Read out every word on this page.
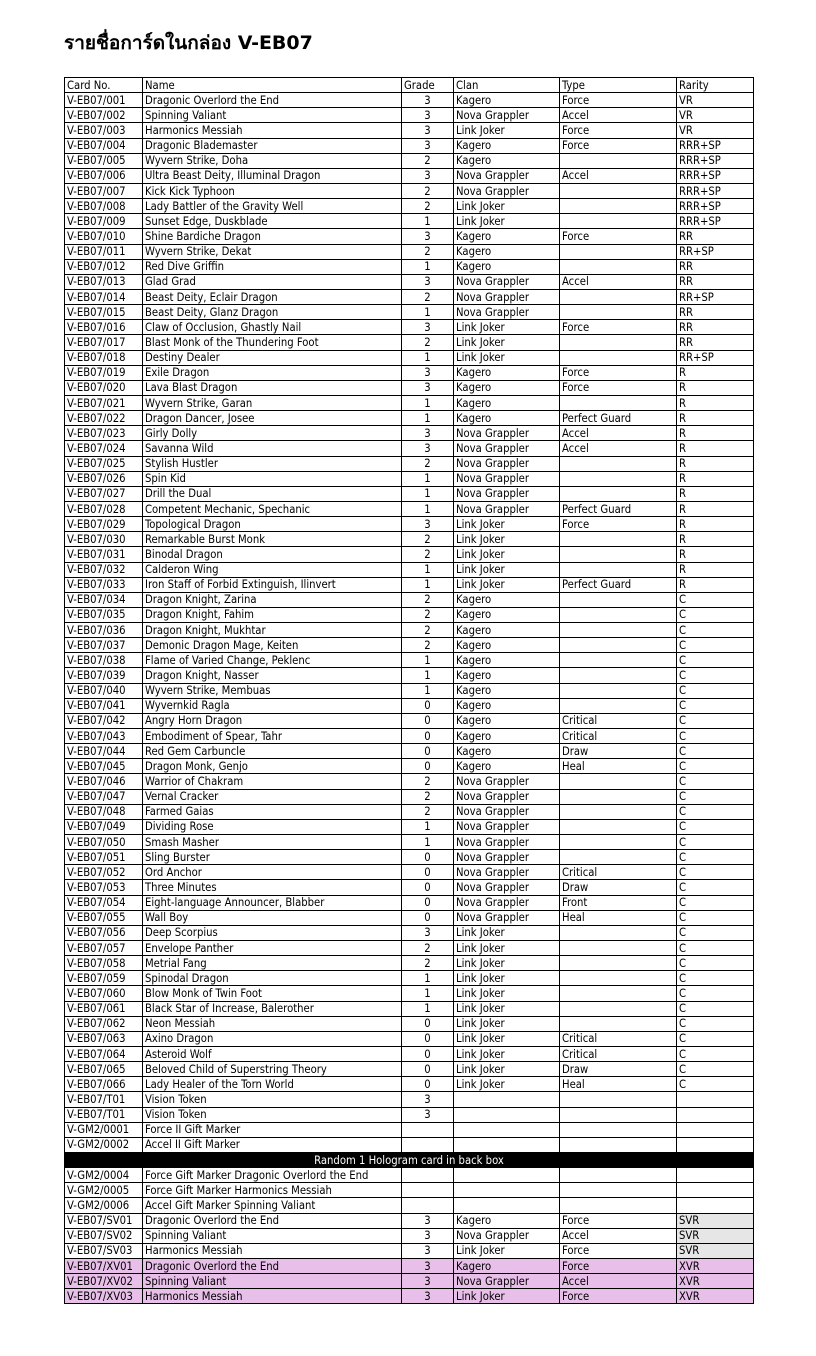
รายชื่อการ์ดในกล่อง V-EB07
Card No.	Name	Grade	Clan	Type	Rarity
V-EB07/001	Dragonic Overlord the End	3	Kagero	Force	VR
V-EB07/002	Spinning Valiant	3	Nova Grappler	Accel	VR
V-EB07/003	Harmonics Messiah	3	Link Joker	Force	VR
V-EB07/004	Dragonic Blademaster	3	Kagero	Force	RRR+SP
V-EB07/005	Wyvern Strike, Doha	2	Kagero		RRR+SP
V-EB07/006	Ultra Beast Deity, Illuminal Dragon	3	Nova Grappler	Accel	RRR+SP
V-EB07/007	Kick Kick Typhoon	2	Nova Grappler		RRR+SP
V-EB07/008	Lady Battler of the Gravity Well	2	Link Joker		RRR+SP
V-EB07/009	Sunset Edge, Duskblade	1	Link Joker		RRR+SP
V-EB07/010	Shine Bardiche Dragon	3	Kagero	Force	RR
V-EB07/011	Wyvern Strike, Dekat	2	Kagero		RR+SP
V-EB07/012	Red Dive Griffin	1	Kagero		RR
V-EB07/013	Glad Grad	3	Nova Grappler	Accel	RR
V-EB07/014	Beast Deity, Eclair Dragon	2	Nova Grappler		RR+SP
V-EB07/015	Beast Deity, Glanz Dragon	1	Nova Grappler		RR
V-EB07/016	Claw of Occlusion, Ghastly Nail	3	Link Joker	Force	RR
V-EB07/017	Blast Monk of the Thundering Foot	2	Link Joker		RR
V-EB07/018	Destiny Dealer	1	Link Joker		RR+SP
V-EB07/019	Exile Dragon	3	Kagero	Force	R
V-EB07/020	Lava Blast Dragon	3	Kagero	Force	R
V-EB07/021	Wyvern Strike, Garan	1	Kagero		R
V-EB07/022	Dragon Dancer, Josee	1	Kagero	Perfect Guard	R
V-EB07/023	Girly Dolly	3	Nova Grappler	Accel	R
V-EB07/024	Savanna Wild	3	Nova Grappler	Accel	R
V-EB07/025	Stylish Hustler	2	Nova Grappler		R
V-EB07/026	Spin Kid	1	Nova Grappler		R
V-EB07/027	Drill the Dual	1	Nova Grappler		R
V-EB07/028	Competent Mechanic, Spechanic	1	Nova Grappler	Perfect Guard	R
V-EB07/029	Topological Dragon	3	Link Joker	Force	R
V-EB07/030	Remarkable Burst Monk	2	Link Joker		R
V-EB07/031	Binodal Dragon	2	Link Joker		R
V-EB07/032	Calderon Wing	1	Link Joker		R
V-EB07/033	Iron Staff of Forbid Extinguish, Ilinvert	1	Link Joker	Perfect Guard	R
V-EB07/034	Dragon Knight, Zarina	2	Kagero		C
V-EB07/035	Dragon Knight, Fahim	2	Kagero		C
V-EB07/036	Dragon Knight, Mukhtar	2	Kagero		C
V-EB07/037	Demonic Dragon Mage, Keiten	2	Kagero		C
V-EB07/038	Flame of Varied Change, Peklenc	1	Kagero		C
V-EB07/039	Dragon Knight, Nasser	1	Kagero		C
V-EB07/040	Wyvern Strike, Membuas	1	Kagero		C
V-EB07/041	Wyvernkid Ragla	0	Kagero		C
V-EB07/042	Angry Horn Dragon	0	Kagero	Critical	C
V-EB07/043	Embodiment of Spear, Tahr	0	Kagero	Critical	C
V-EB07/044	Red Gem Carbuncle	0	Kagero	Draw	C
V-EB07/045	Dragon Monk, Genjo	0	Kagero	Heal	C
V-EB07/046	Warrior of Chakram	2	Nova Grappler		C
V-EB07/047	Vernal Cracker	2	Nova Grappler		C
V-EB07/048	Farmed Gaias	2	Nova Grappler		C
V-EB07/049	Dividing Rose	1	Nova Grappler		C
V-EB07/050	Smash Masher	1	Nova Grappler		C
V-EB07/051	Sling Burster	0	Nova Grappler		C
V-EB07/052	Ord Anchor	0	Nova Grappler	Critical	C
V-EB07/053	Three Minutes	0	Nova Grappler	Draw	C
V-EB07/054	Eight-language Announcer, Blabber	0	Nova Grappler	Front	C
V-EB07/055	Wall Boy	0	Nova Grappler	Heal	C
V-EB07/056	Deep Scorpius	3	Link Joker		C
V-EB07/057	Envelope Panther	2	Link Joker		C
V-EB07/058	Metrial Fang	2	Link Joker		C
V-EB07/059	Spinodal Dragon	1	Link Joker		C
V-EB07/060	Blow Monk of Twin Foot	1	Link Joker		C
V-EB07/061	Black Star of Increase, Balerother	1	Link Joker		C
V-EB07/062	Neon Messiah	0	Link Joker		C
V-EB07/063	Axino Dragon	0	Link Joker	Critical	C
V-EB07/064	Asteroid Wolf	0	Link Joker	Critical	C
V-EB07/065	Beloved Child of Superstring Theory	0	Link Joker	Draw	C
V-EB07/066	Lady Healer of the Torn World	0	Link Joker	Heal	C
V-EB07/T01	Vision Token	3			
V-EB07/T01	Vision Token	3			
V-GM2/0001	Force II Gift Marker				
V-GM2/0002	Accel II Gift Marker				
Random 1 Hologram card in back box					
V-GM2/0004	Force Gift Marker Dragonic Overlord the End				
V-GM2/0005	Force Gift Marker Harmonics Messiah				
V-GM2/0006	Accel Gift Marker Spinning Valiant				
V-EB07/SV01	Dragonic Overlord the End	3	Kagero	Force	SVR
V-EB07/SV02	Spinning Valiant	3	Nova Grappler	Accel	SVR
V-EB07/SV03	Harmonics Messiah	3	Link Joker	Force	SVR
V-EB07/XV01	Dragonic Overlord the End	3	Kagero	Force	XVR
V-EB07/XV02	Spinning Valiant	3	Nova Grappler	Accel	XVR
V-EB07/XV03	Harmonics Messiah	3	Link Joker	Force	XVR
